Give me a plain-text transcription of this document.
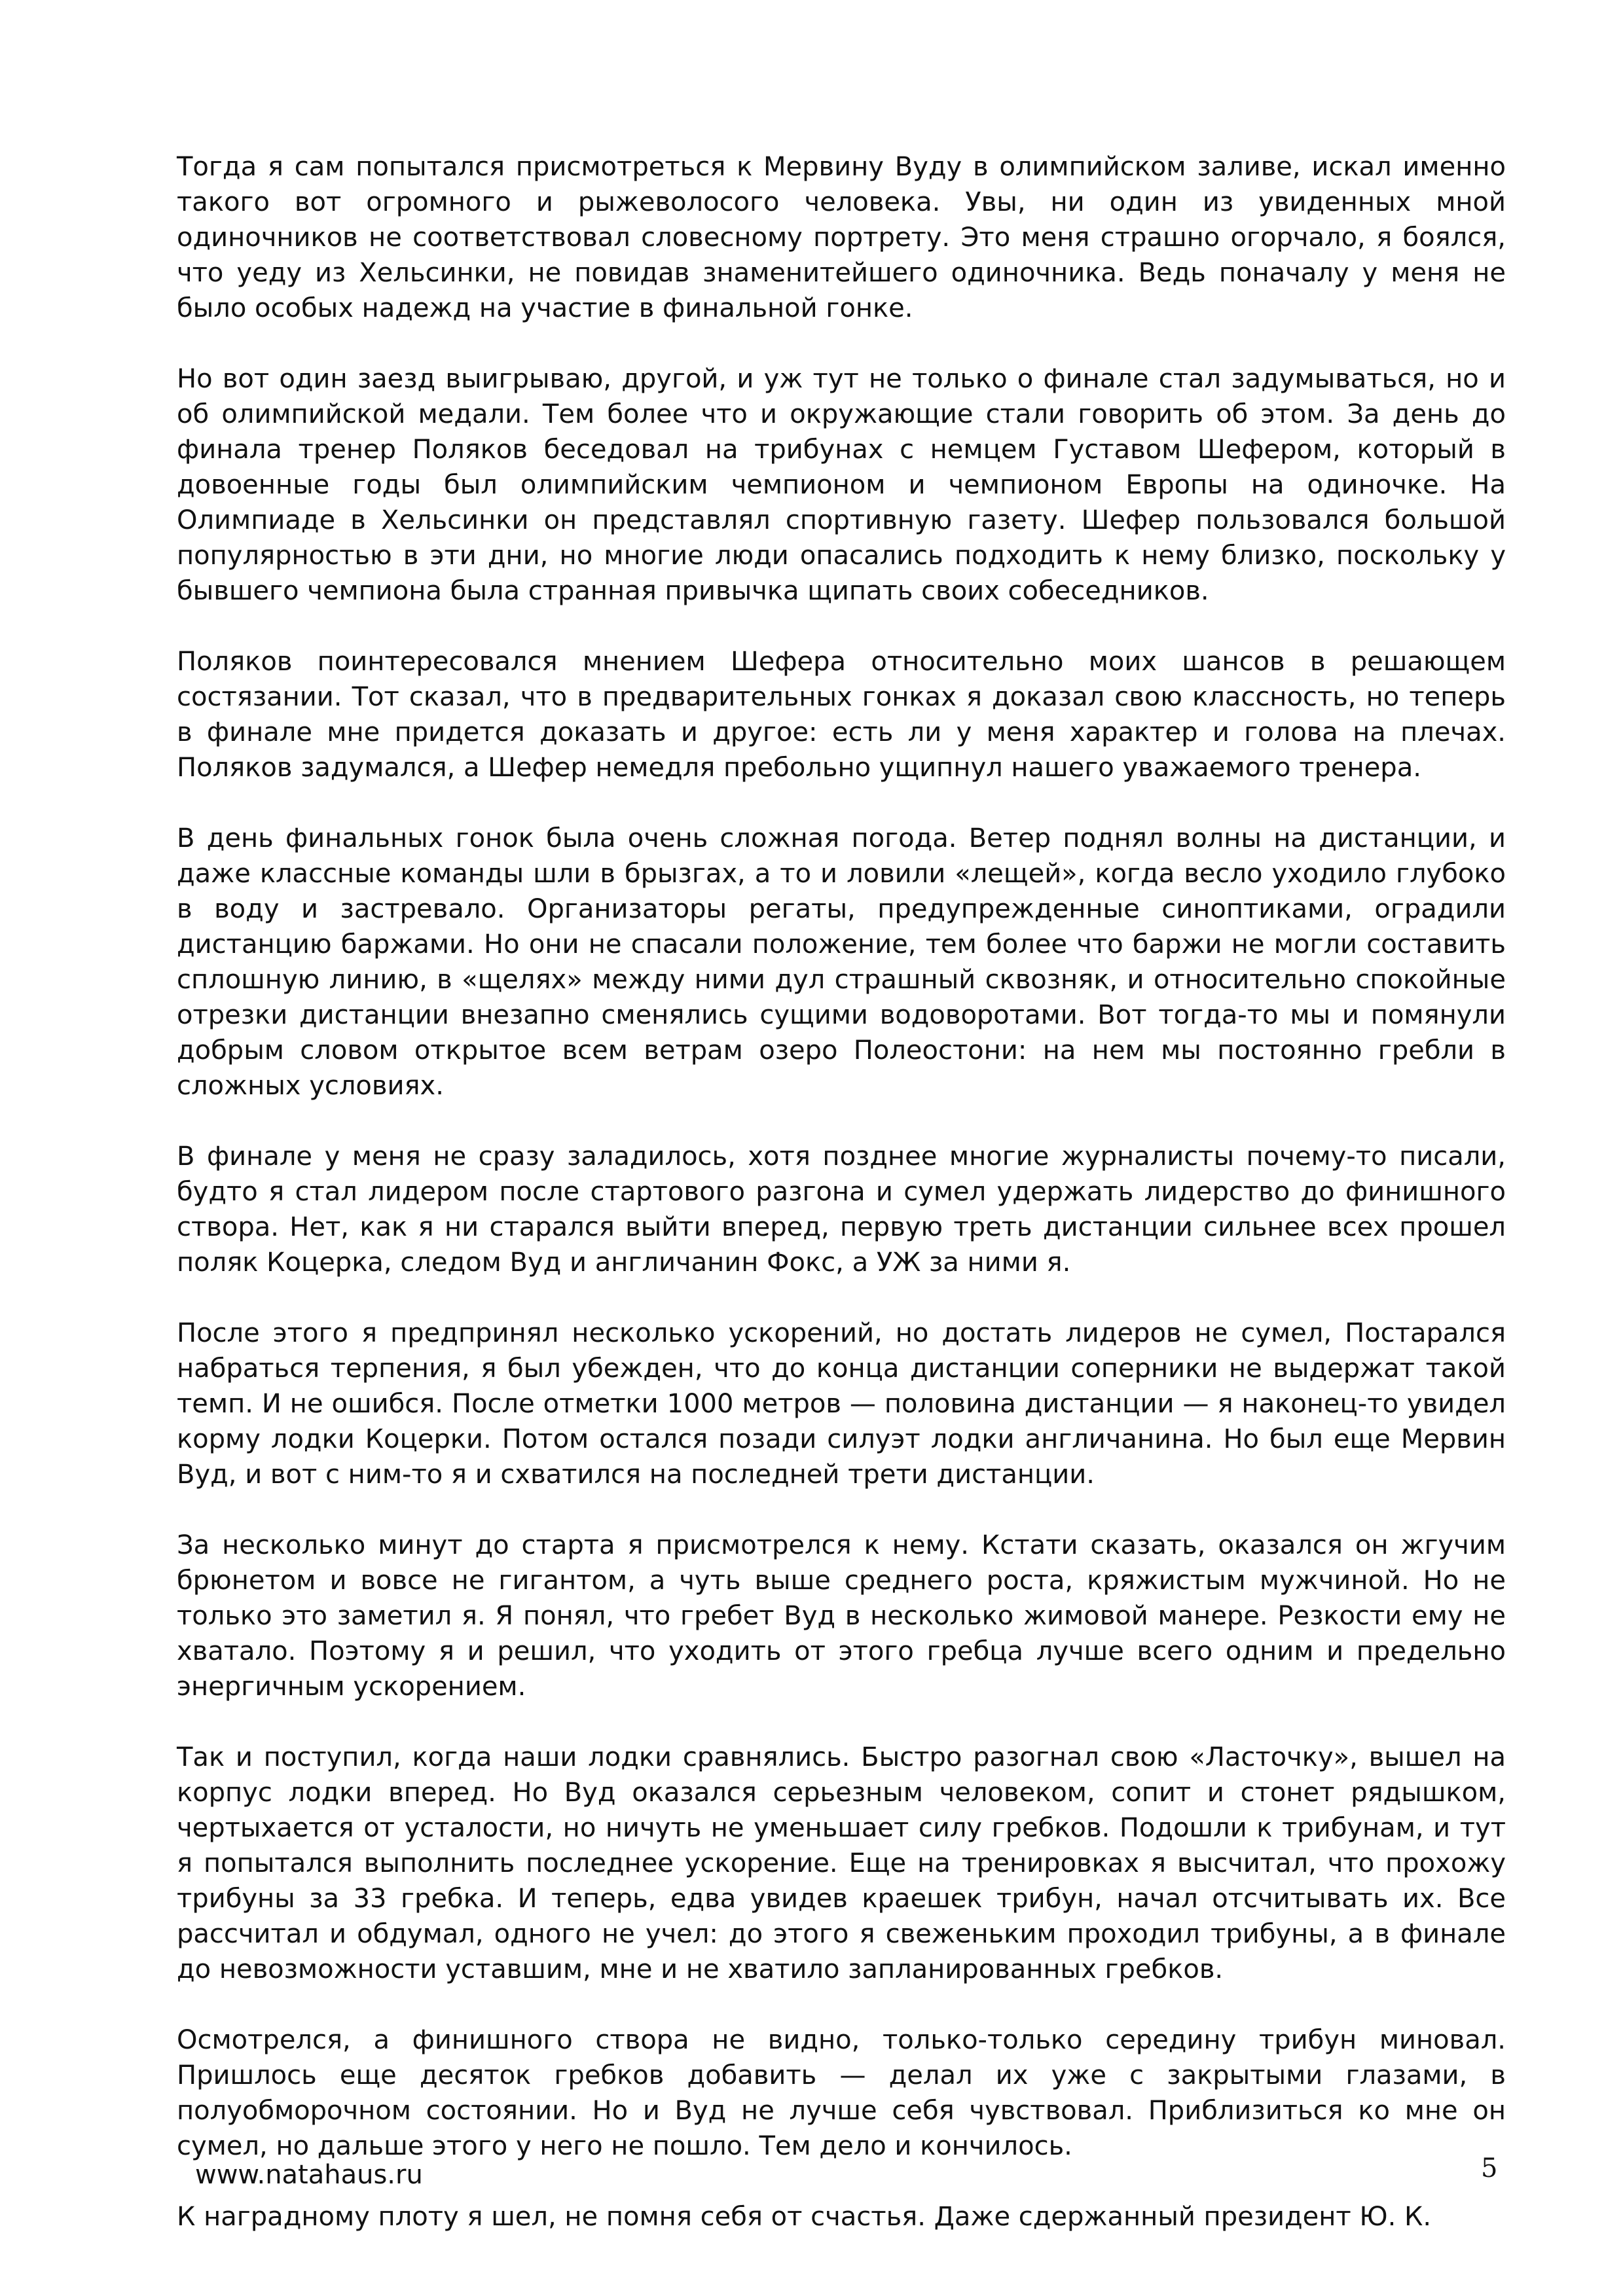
Тогда я сам попытался присмотреться к Мервину Вуду в олимпийском заливе, искал именно такого вот огромного и рыжеволосого человека. Увы, ни один из увиденных мной одиночников не соответствовал словесному портрету. Это меня страшно огорчало, я боялся, что уеду из Хельсинки, не повидав знаменитейшего одиночника. Ведь поначалу у меня не было особых надежд на участие в финальной гонке.

Но вот один заезд выигрываю, другой, и уж тут не только о финале стал задумываться, но и об олимпийской медали. Тем более что и окружающие стали говорить об этом. За день до финала тренер Поляков беседовал на трибунах с немцем Густавом Шефером, который в довоенные годы был олимпийским чемпионом и чемпионом Европы на одиночке. На Олимпиаде в Хельсинки он представлял спортивную газету. Шефер пользовался большой популярностью в эти дни, но многие люди опасались подходить к нему близко, поскольку у бывшего чемпиона была странная привычка щипать своих собеседников.

Поляков поинтересовался мнением Шефера относительно моих шансов в решающем состязании. Тот сказал, что в предварительных гонках я доказал свою классность, но теперь в финале мне придется доказать и другое: есть ли у меня характер и голова на плечах. Поляков задумался, а Шефер немедля пребольно ущипнул нашего уважаемого тренера.

В день финальных гонок была очень сложная погода. Ветер поднял волны на дистанции, и даже классные команды шли в брызгах, а то и ловили «лещей», когда весло уходило глубоко в воду и застревало. Организаторы регаты, предупрежденные синоптиками, оградили дистанцию баржами. Но они не спасали положение, тем более что баржи не могли составить сплошную линию, в «щелях» между ними дул страшный сквозняк, и относительно спокойные отрезки дистанции внезапно сменялись сущими водоворотами. Вот тогда-то мы и помянули добрым словом открытое всем ветрам озеро Полеостони: на нем мы постоянно гребли в сложных условиях.

В финале у меня не сразу заладилось, хотя позднее многие журналисты почему-то писали, будто я стал лидером после стартового разгона и сумел удержать лидерство до финишного створа. Нет, как я ни старался выйти вперед, первую треть дистанции сильнее всех прошел поляк Коцерка, следом Вуд и англичанин Фокс, а УЖ за ними я.

После этого я предпринял несколько ускорений, но достать лидеров не сумел, Постарался набраться терпения, я был убежден, что до конца дистанции соперники не выдержат такой темп. И не ошибся. После отметки 1000 метров — половина дистанции — я наконец-то увидел корму лодки Коцерки. Потом остался позади силуэт лодки англичанина. Но был еще Мервин Вуд, и вот с ним-то я и схватился на последней трети дистанции.

За несколько минут до старта я присмотрелся к нему. Кстати сказать, оказался он жгучим брюнетом и вовсе не гигантом, а чуть выше среднего роста, кряжистым мужчиной. Но не только это заметил я. Я понял, что гребет Вуд в несколько жимовой манере. Резкости ему не хватало. Поэтому я и решил, что уходить от этого гребца лучше всего одним и предельно энергичным ускорением.

Так и поступил, когда наши лодки сравнялись. Быстро разогнал свою «Ласточку», вышел на корпус лодки вперед. Но Вуд оказался серьезным человеком, сопит и стонет рядышком, чертыхается от усталости, но ничуть не уменьшает силу гребков. Подошли к трибунам, и тут я попытался выполнить последнее ускорение. Еще на тренировках я высчитал, что прохожу трибуны за 33 гребка. И теперь, едва увидев краешек трибун, начал отсчитывать их. Все рассчитал и обдумал, одного не учел: до этого я свеженьким проходил трибуны, а в финале до невозможности уставшим, мне и не хватило запланированных гребков.

Осмотрелся, а финишного створа не видно, только-только середину трибун миновал. Пришлось еще десяток гребков добавить — делал их уже с закрытыми глазами, в полуобморочном состоянии. Но и Вуд не лучше себя чувствовал. Приблизиться ко мне он сумел, но дальше этого у него не пошло. Тем дело и кончилось.

К наградному плоту я шел, не помня себя от счастья. Даже сдержанный президент Ю. К.

www.natahaus.ru	5
